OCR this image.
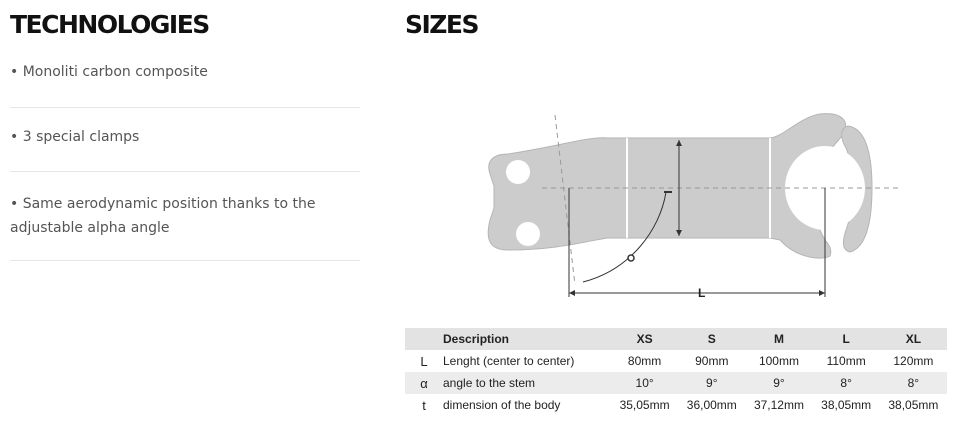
TECHNOLOGIES	SIZES
• Monoliti carbon composite
• 3 special clamps
• Same aerodynamic position thanks to the adjustable alpha angle
L
	Description	XS	S	M	L	XL
L	Lenght (center to center)	80mm	90mm	100mm	110mm	120mm
α	angle to the stem	10°	9°	9°	8°	8°
t	dimension of the body	35,05mm	36,00mm	37,12mm	38,05mm	38,05mm
